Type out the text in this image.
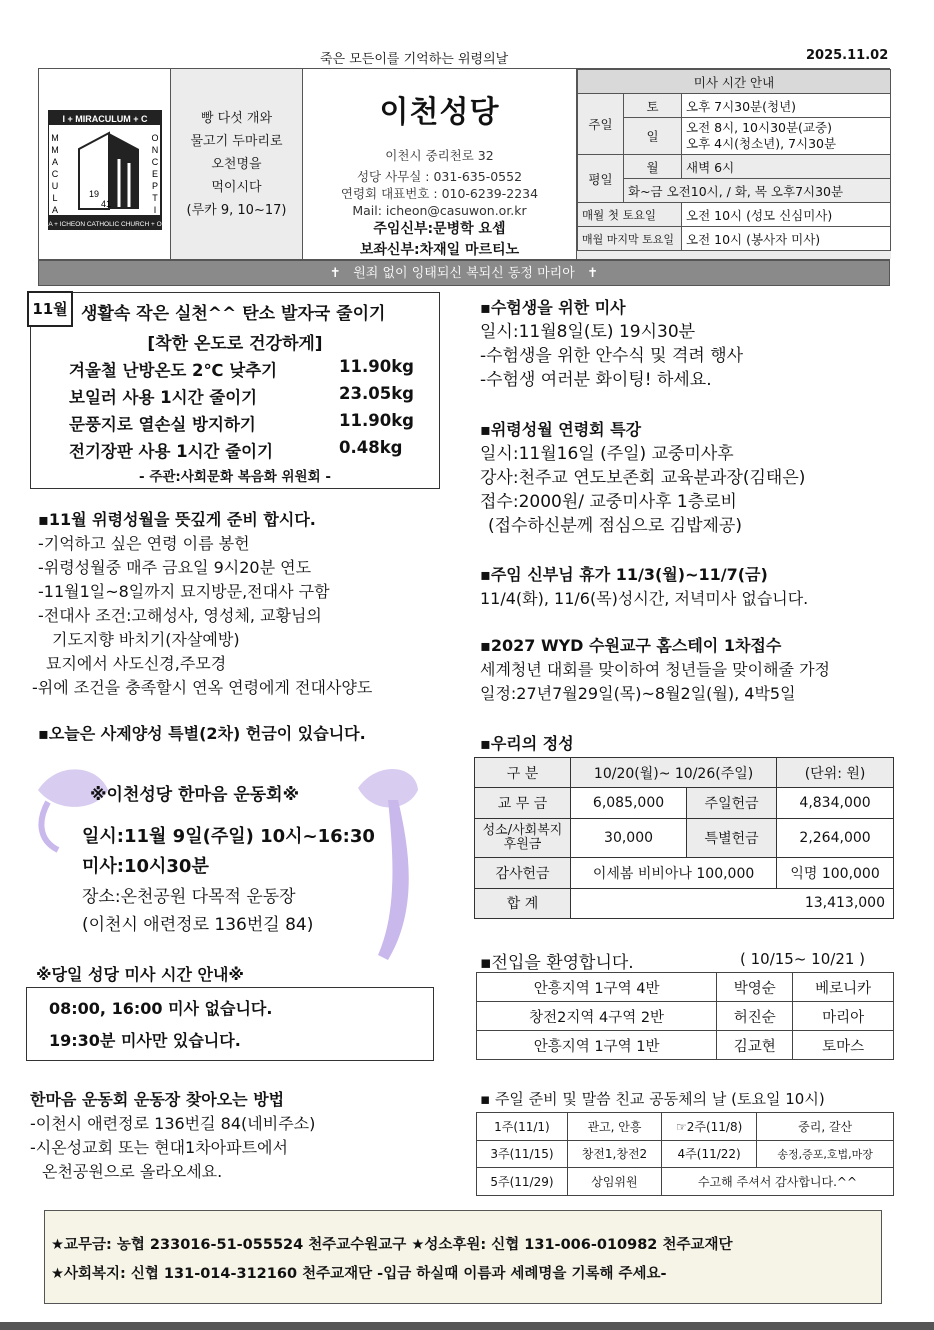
죽은 모든이를 기억하는 위령의날	2025.11.02
I + MIRACULUM + C
A + ICHEON CATHOLIC CHURCH + O
M
M
A
C
U
L
A
O
N
C
E
P
T
I
19
41
빵 다섯 개와
물고기 두마리로
오천명을
먹이시다
(루카 9, 10~17)
이천성당
이천시 중리천로 32
성당 사무실 : 031-635-0552
연령회 대표번호 : 010-6239-2234
Mail: icheon@casuwon.or.kr
주임신부:문병학 요셉
보좌신부:차재일 마르티노
미사 시간 안내		
주일	토	오후 7시30분(청년)
	일	오전 8시, 10시30분(교중)
오후 4시(청소년), 7시30분

평일	월	새벽 6시
	화~금 오전10시, / 화, 목 오후7시30분	
매월 첫 토요일		오전 10시 (성모 신심미사)
매월 마지막 토요일		오전 10시 (봉사자 미사)
✝   원죄 없이 잉태되신 복되신 동정 마리아   ✝
11월 생활속 작은 실천^^ 탄소 발자국 줄이기
[착한 온도로 건강하게]
겨울철 난방온도 2℃ 낮추기	11.90kg
보일러 사용 1시간 줄이기	23.05kg
문풍지로 열손실 방지하기	11.90kg
전기장판 사용 1시간 줄이기	0.48kg
- 주관:사회문화 복음화 위원회 -
▪11월 위령성월을 뜻깊게 준비 합시다.
-기억하고 싶은 연령 이름 봉헌
-위령성월중 매주 금요일 9시20분 연도
-11월1일~8일까지 묘지방문,전대사 구함
-전대사 조건:고해성사, 영성체, 교황님의
기도지향 바치기(자살예방)
묘지에서 사도신경,주모경
-위에 조건을 충족할시 연옥 연령에게 전대사양도
▪오늘은 사제양성 특별(2차) 헌금이 있습니다.
※이천성당 한마음 운동회※
일시:11월 9일(주일) 10시~16:30
미사:10시30분
장소:온천공원 다목적 운동장
(이천시 애련정로 136번길 84)
※당일 성당 미사 시간 안내※
08:00, 16:00 미사 없습니다.
19:30분 미사만 있습니다.
한마음 운동회 운동장 찾아오는 방법
-이천시 애련정로 136번길 84(네비주소)
-시온성교회 또는 현대1차아파트에서
온천공원으로 올라오세요.
▪수험생을 위한 미사
일시:11월8일(토) 19시30분
-수험생을 위한 안수식 및 격려 행사
-수험생 여러분 화이팅! 하세요.
▪위령성월 연령회 특강
일시:11월16일 (주일) 교중미사후
강사:천주교 연도보존회 교육분과장(김태은)
접수:2000원/ 교중미사후 1층로비
(접수하신분께 점심으로 김밥제공)
▪주임 신부님 휴가 11/3(월)~11/7(금)
11/4(화), 11/6(목)성시간, 저녁미사 없습니다.
▪2027 WYD 수원교구 홈스테이 1차접수
세계청년 대회를 맞이하여 청년들을 맞이해줄 가정
일정:27년7월29일(목)~8월2일(월), 4박5일
▪우리의 정성
구 분	10/20(월)~ 10/26(주일)		(단위: 원)
교 무 금	6,085,000	주일헌금	4,834,000
성소/사회복지후원금	30,000	특별헌금	2,264,000
감사헌금	이세봄 비비아나 100,000		익명 100,000
합 계	13,413,000		
▪전입을 환영합니다.	( 10/15~ 10/21 )
안흥지역 1구역 4반	박영순	베로니카
창전2지역 4구역 2반	허진순	마리아
안흥지역 1구역 1반	김교현	토마스
▪ 주일 준비 및 말씀 친교 공동체의 날 (토요일 10시)
1주(11/1)	관고, 안흥	☞2주(11/8)	중리, 갈산
3주(11/15)	창전1,창전2	4주(11/22)	송정,증포,호법,마장
5주(11/29)	상임위원	수고해 주셔서 감사합니다.^^	
★교무금: 농협 233016-51-055524 천주교수원교구 ★성소후원: 신협 131-006-010982 천주교재단
★사회복지: 신협 131-014-312160 천주교재단 -입금 하실때 이름과 세례명을 기록해 주세요-
